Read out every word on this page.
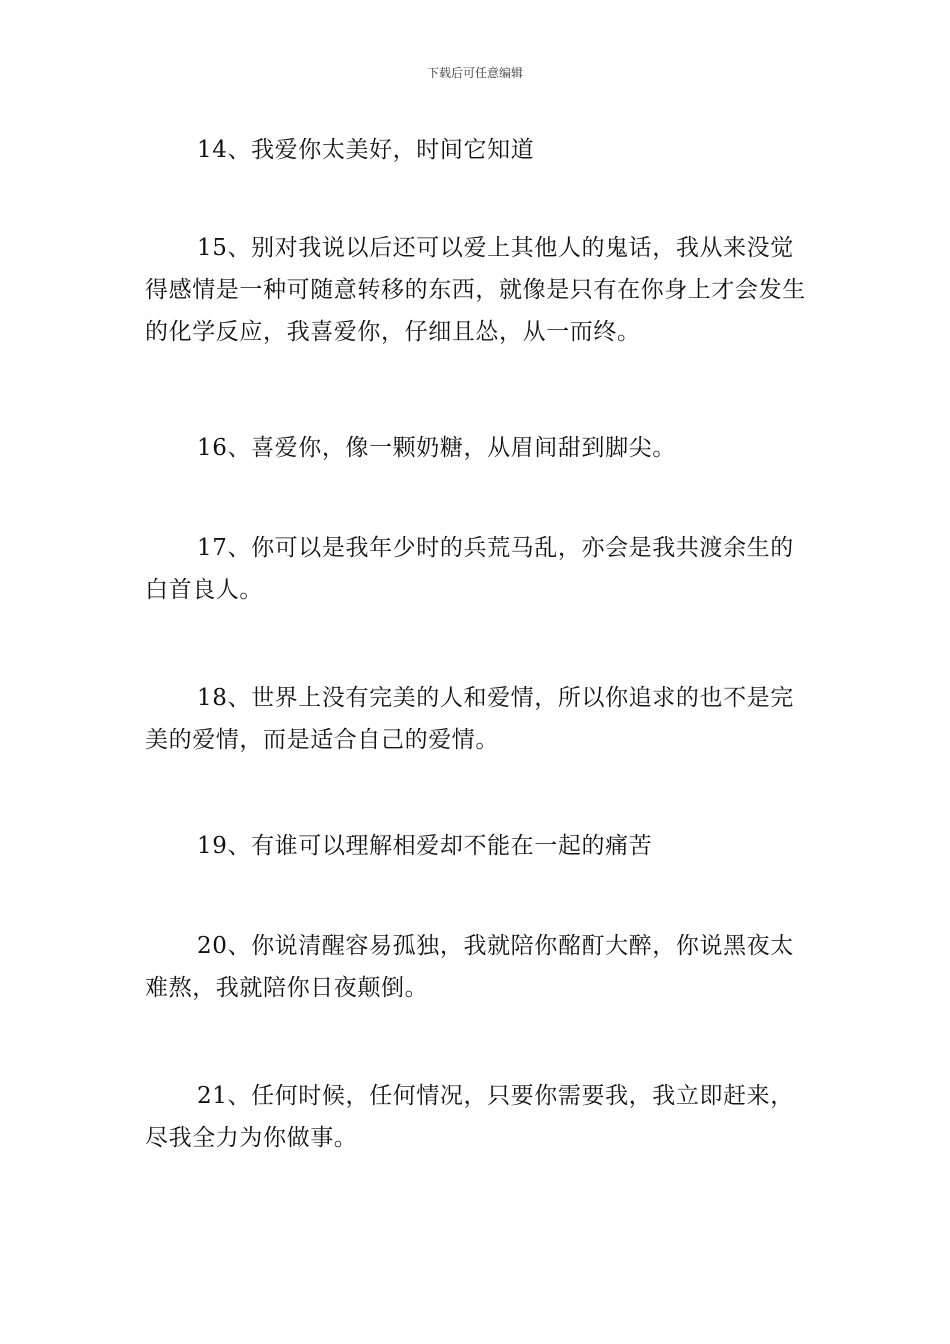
下载后可任意编辑

14、我爱你太美好，时间它知道

15、别对我说以后还可以爱上其他人的鬼话，我从来没觉得感情是一种可随意转移的东西，就像是只有在你身上才会发生的化学反应，我喜爱你，仔细且怂，从一而终。

16、喜爱你，像一颗奶糖，从眉间甜到脚尖。

17、你可以是我年少时的兵荒马乱，亦会是我共渡余生的白首良人。

18、世界上没有完美的人和爱情，所以你追求的也不是完美的爱情，而是适合自己的爱情。

19、有谁可以理解相爱却不能在一起的痛苦

20、你说清醒容易孤独，我就陪你酩酊大醉，你说黑夜太难熬，我就陪你日夜颠倒。

21、任何时候，任何情况，只要你需要我，我立即赶来，尽我全力为你做事。
